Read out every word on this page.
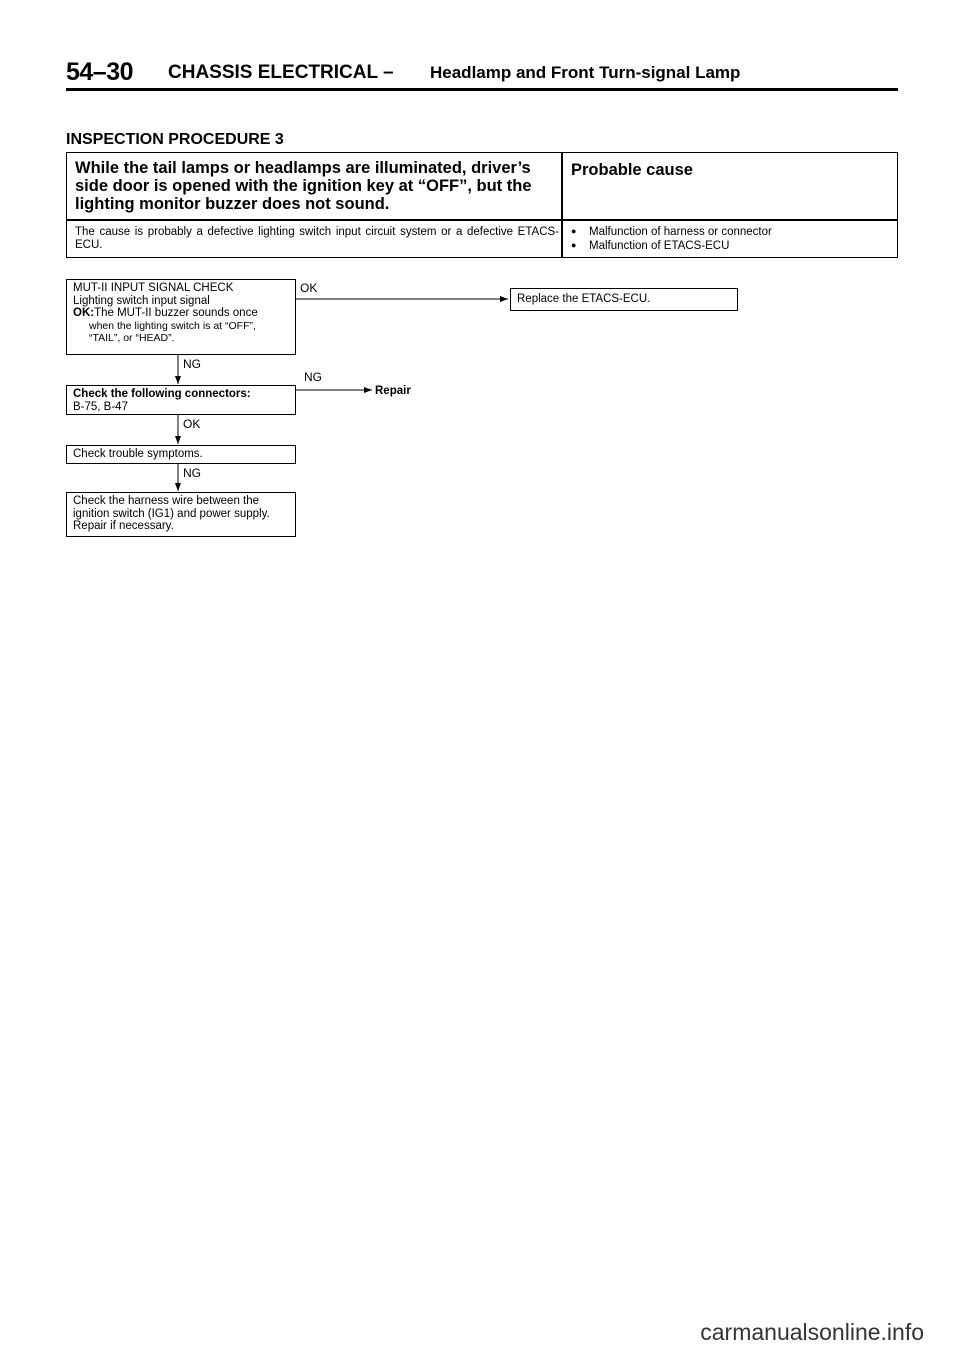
54–30 CHASSIS ELECTRICAL – Headlamp and Front Turn-signal Lamp
INSPECTION PROCEDURE 3
While the tail lamps or headlamps are illuminated, driver’s side door is opened with the ignition key at “OFF”, but the lighting monitor buzzer does not sound.
Probable cause
The cause is probably a defective lighting switch input circuit system or a defective ETACS-ECU.
● Malfunction of harness or connector
● Malfunction of ETACS-ECU
OK
NG
NG
OK
NG
MUT-II INPUT SIGNAL CHECK
Lighting switch input signal
OK:The MUT-II buzzer sounds once
when the lighting switch is at “OFF”, “TAIL”, or “HEAD”.
Check the following connectors:
B-75, B-47
Check trouble symptoms.
Check the harness wire between the ignition switch (IG1) and power supply. Repair if necessary.
Replace the ETACS-ECU.
Repair
carmanualsonline.info
